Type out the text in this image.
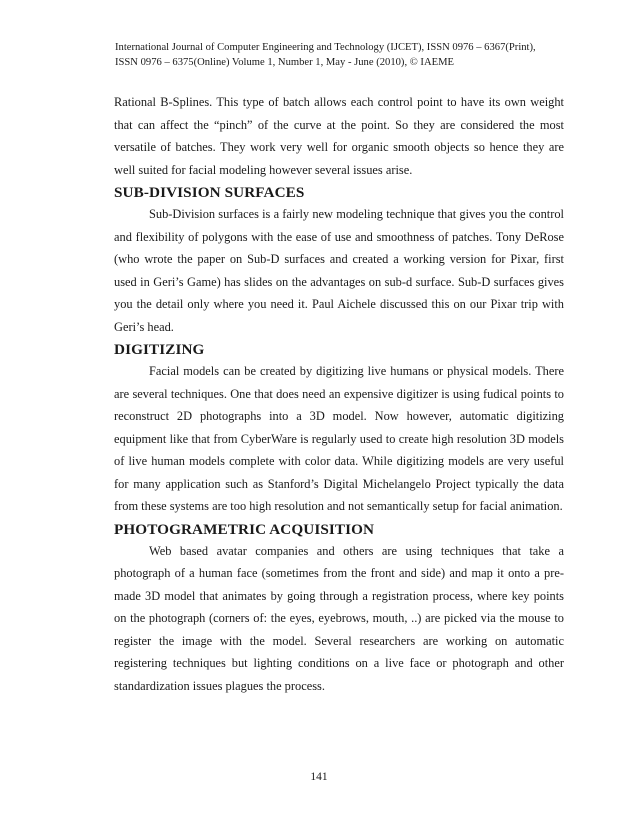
International Journal of Computer Engineering and Technology (IJCET), ISSN 0976 – 6367(Print),
ISSN 0976 – 6375(Online) Volume 1, Number 1, May - June (2010), © IAEME

Rational B-Splines. This type of batch allows each control point to have its own weight that can affect the “pinch” of the curve at the point. So they are considered the most versatile of batches. They work very well for organic smooth objects so hence they are well suited for facial modeling however several issues arise.

SUB-DIVISION SURFACES

Sub-Division surfaces is a fairly new modeling technique that gives you the control and flexibility of polygons with the ease of use and smoothness of patches. Tony DeRose (who wrote the paper on Sub-D surfaces and created a working version for Pixar, first used in Geri’s Game) has slides on the advantages on sub-d surface. Sub-D surfaces gives you the detail only where you need it. Paul Aichele discussed this on our Pixar trip with Geri’s head.

DIGITIZING

Facial models can be created by digitizing live humans or physical models. There are several techniques. One that does need an expensive digitizer is using fudical points to reconstruct 2D photographs into a 3D model. Now however, automatic digitizing equipment like that from CyberWare is regularly used to create high resolution 3D models of live human models complete with color data. While digitizing models are very useful for many application such as Stanford’s Digital Michelangelo Project typically the data from these systems are too high resolution and not semantically setup for facial animation.

PHOTOGRAMETRIC ACQUISITION

Web based avatar companies and others are using techniques that take a photograph of a human face (sometimes from the front and side) and map it onto a pre-made 3D model that animates by going through a registration process, where key points on the photograph (corners of: the eyes, eyebrows, mouth, ..) are picked via the mouse to register the image with the model. Several researchers are working on automatic registering techniques but lighting conditions on a live face or photograph and other standardization issues plagues the process.

141
